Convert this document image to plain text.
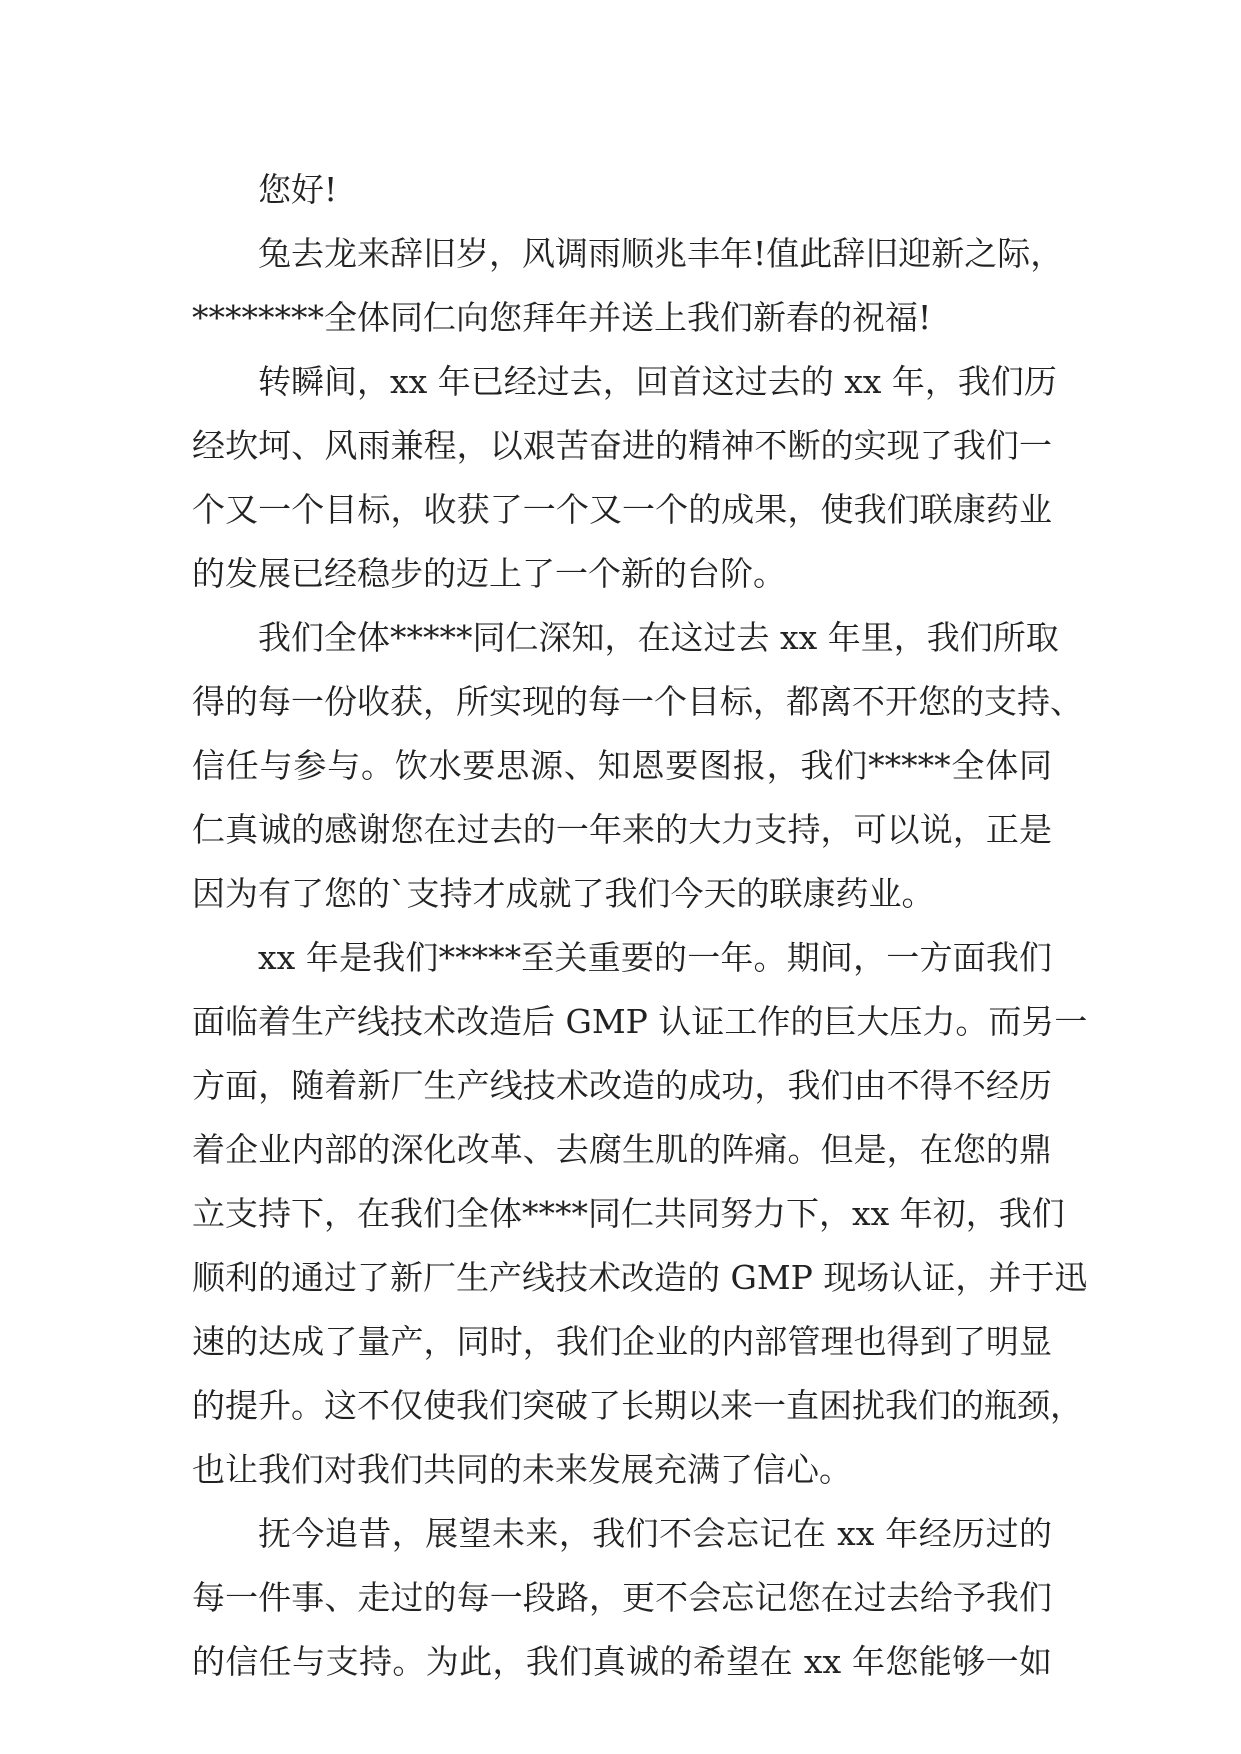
您好!
兔去龙来辞旧岁，风调雨顺兆丰年!值此辞旧迎新之际，
********全体同仁向您拜年并送上我们新春的祝福!
转瞬间，xx 年已经过去，回首这过去的 xx 年，我们历
经坎坷、风雨兼程，以艰苦奋进的精神不断的实现了我们一
个又一个目标，收获了一个又一个的成果，使我们联康药业
的发展已经稳步的迈上了一个新的台阶。
我们全体*****同仁深知，在这过去 xx 年里，我们所取
得的每一份收获，所实现的每一个目标，都离不开您的支持、
信任与参与。饮水要思源、知恩要图报，我们*****全体同
仁真诚的感谢您在过去的一年来的大力支持，可以说，正是
因为有了您的`支持才成就了我们今天的联康药业。
xx 年是我们*****至关重要的一年。期间，一方面我们
面临着生产线技术改造后 GMP 认证工作的巨大压力。而另一
方面，随着新厂生产线技术改造的成功，我们由不得不经历
着企业内部的深化改革、去腐生肌的阵痛。但是，在您的鼎
立支持下，在我们全体****同仁共同努力下，xx 年初，我们
顺利的通过了新厂生产线技术改造的 GMP 现场认证，并于迅
速的达成了量产，同时，我们企业的内部管理也得到了明显
的提升。这不仅使我们突破了长期以来一直困扰我们的瓶颈，
也让我们对我们共同的未来发展充满了信心。
抚今追昔，展望未来，我们不会忘记在 xx 年经历过的
每一件事、走过的每一段路，更不会忘记您在过去给予我们
的信任与支持。为此，我们真诚的希望在 xx 年您能够一如
